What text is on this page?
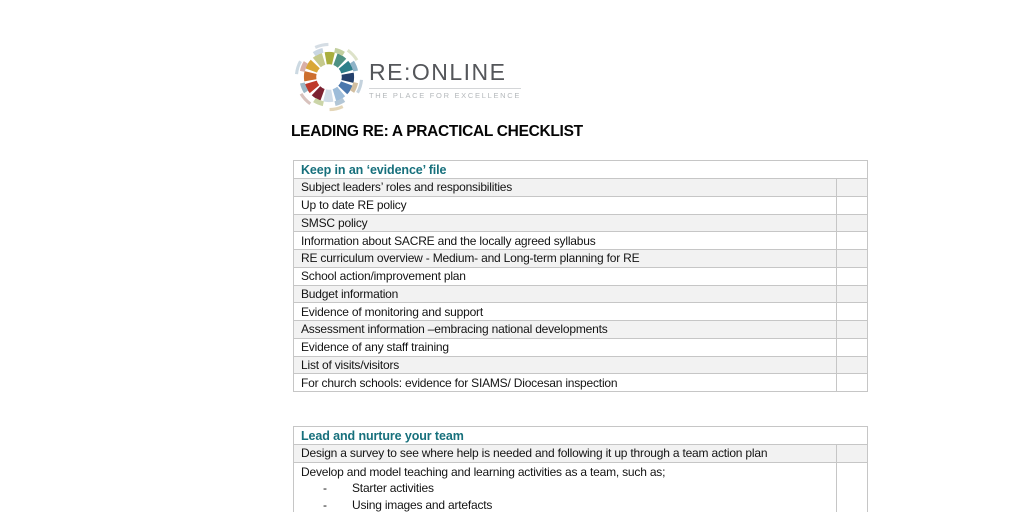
RE:ONLINE
THE PLACE FOR EXCELLENCE
LEADING RE: A PRACTICAL CHECKLIST
Keep in an ‘evidence’ file
Subject leaders’ roles and responsibilities
Up to date RE policy
SMSC policy
Information about SACRE and the locally agreed syllabus
RE curriculum overview - Medium- and Long-term planning for RE
School action/improvement plan
Budget information
Evidence of monitoring and support
Assessment information –embracing national developments
Evidence of any staff training
List of visits/visitors
For church schools: evidence for SIAMS/ Diocesan inspection
Lead and nurture your team
Design a survey to see where help is needed and following it up through a team action plan
Develop and model teaching and learning activities as a team, such as;
-	Starter activities
-	Using images and artefacts
